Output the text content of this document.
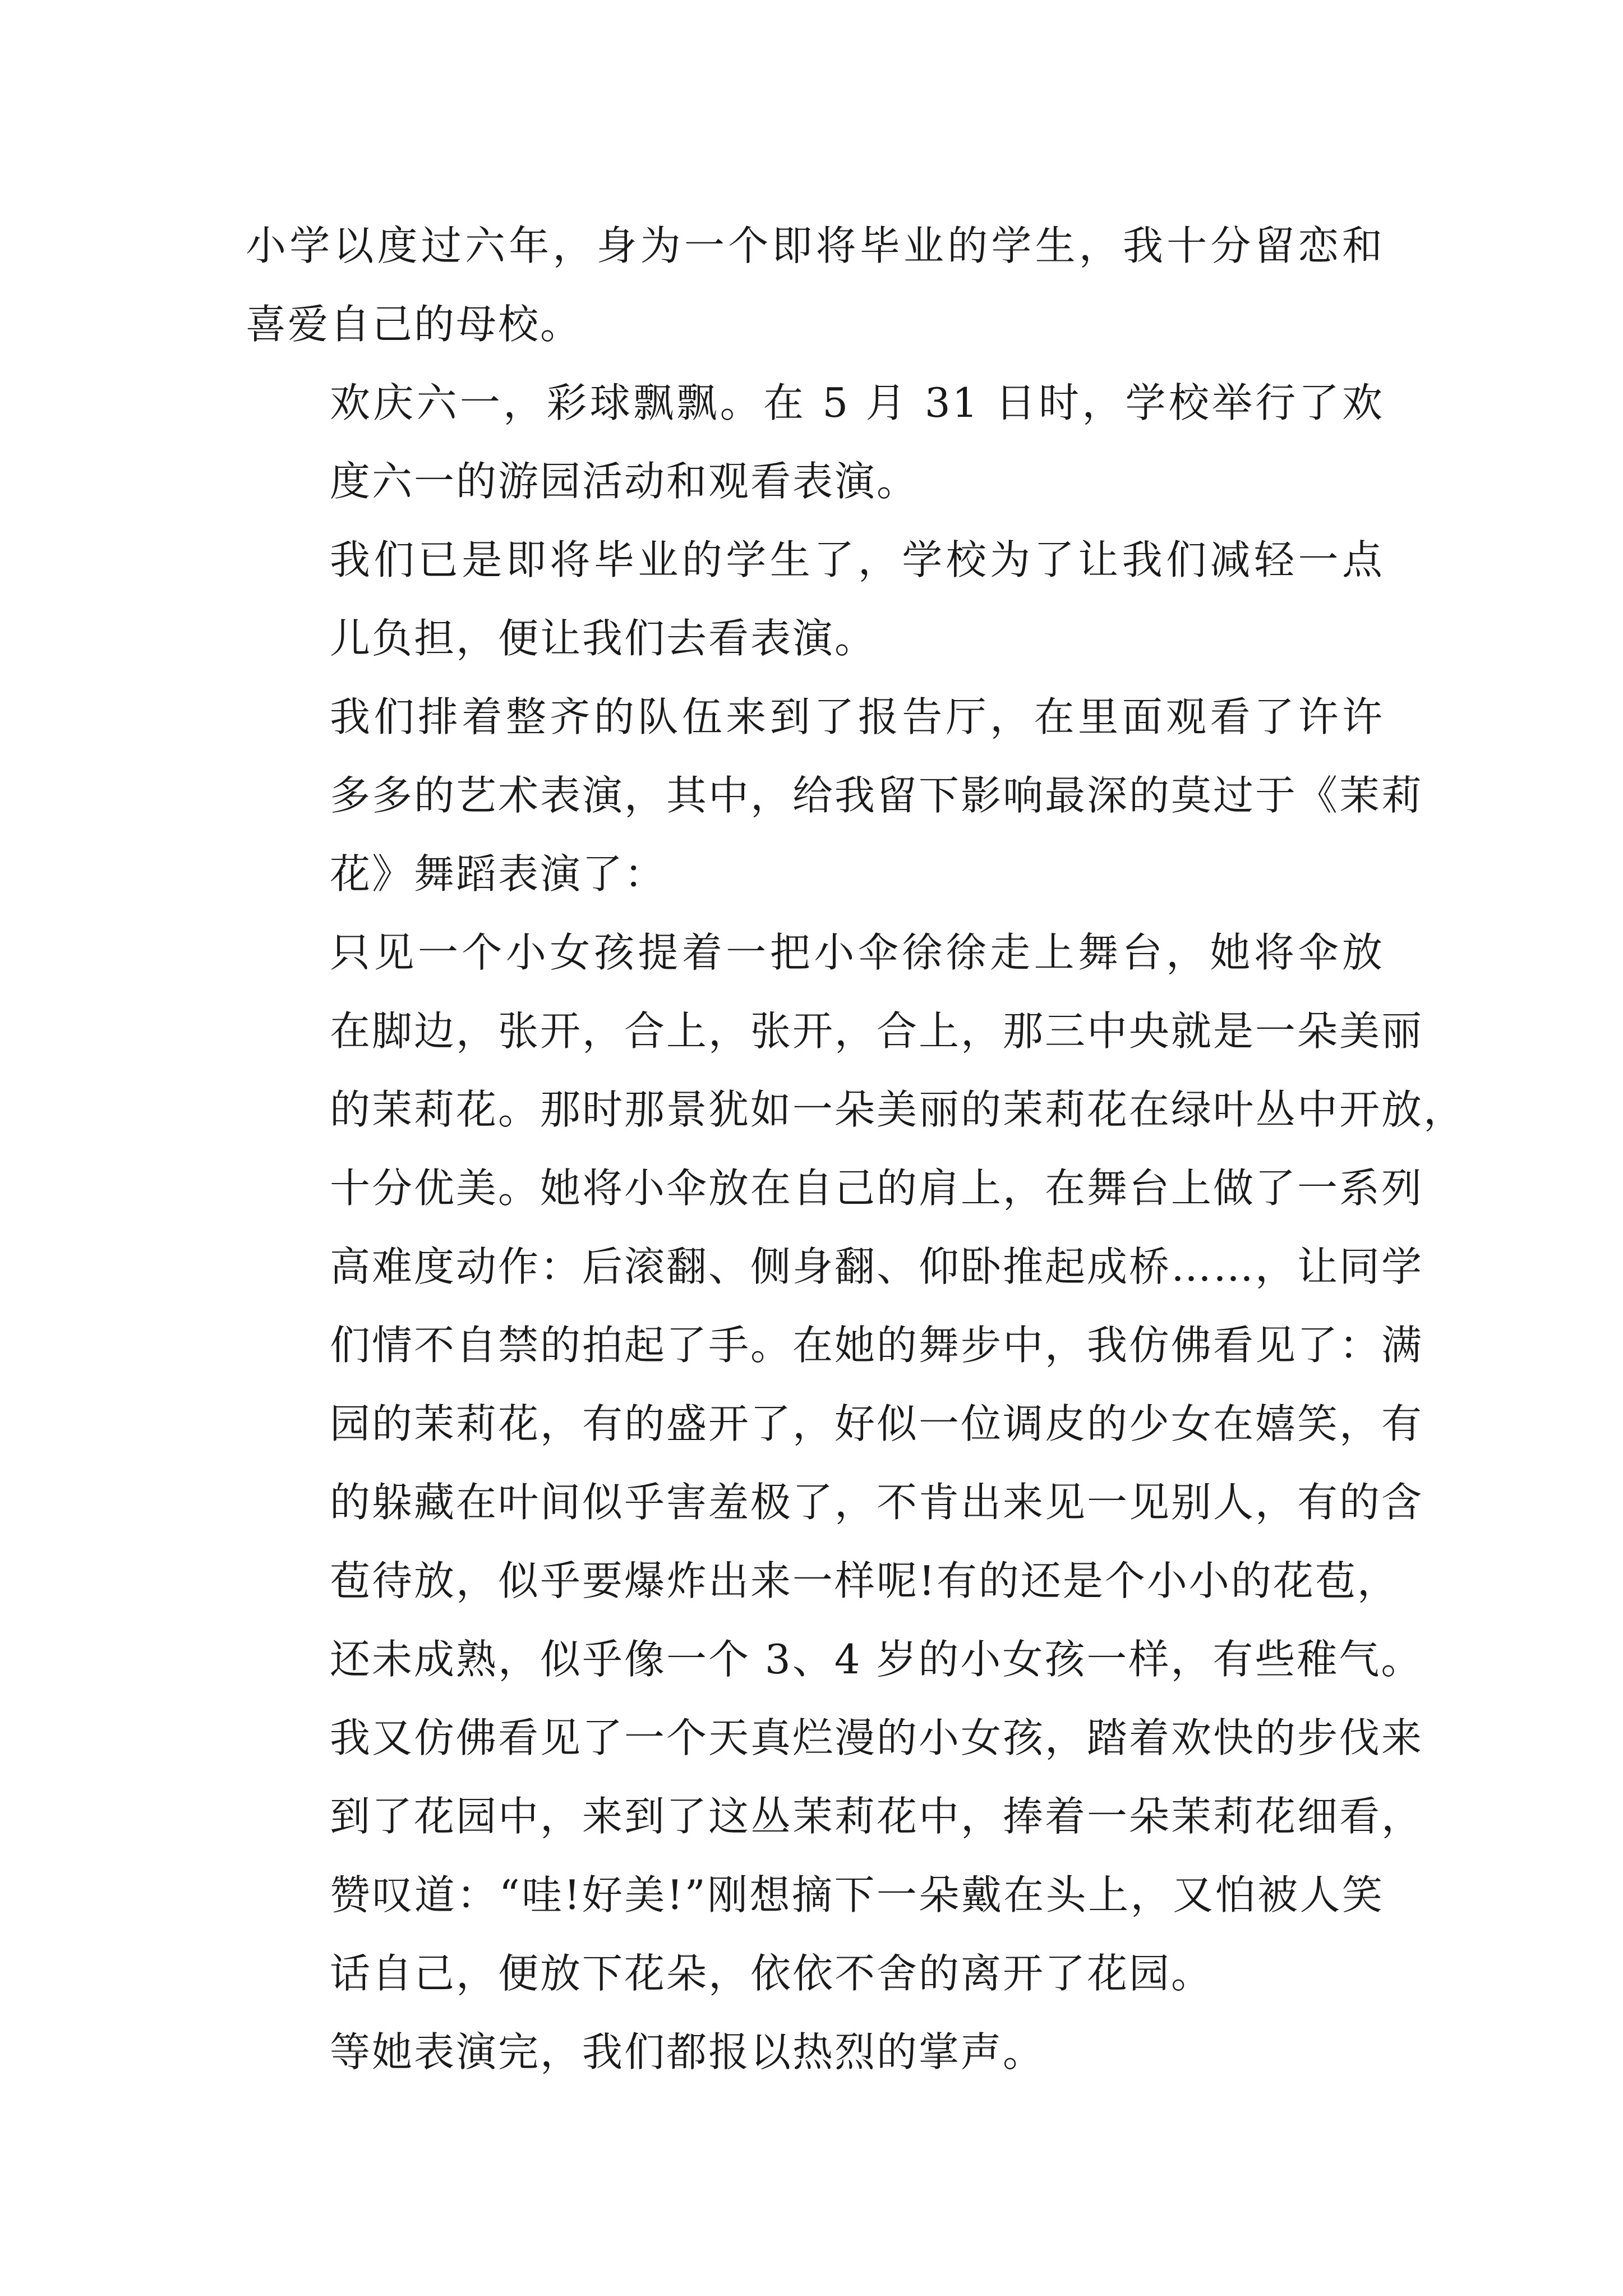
小学以度过六年，身为一个即将毕业的学生，我十分留恋和
喜爱自己的母校。

欢庆六一，彩球飘飘。在 5 月 31 日时，学校举行了欢
度六一的游园活动和观看表演。

我们已是即将毕业的学生了，学校为了让我们减轻一点
儿负担，便让我们去看表演。

我们排着整齐的队伍来到了报告厅，在里面观看了许许
多多的艺术表演，其中，给我留下影响最深的莫过于《茉莉
花》舞蹈表演了：

只见一个小女孩提着一把小伞徐徐走上舞台，她将伞放
在脚边，张开，合上，张开，合上，那三中央就是一朵美丽
的茉莉花。那时那景犹如一朵美丽的茉莉花在绿叶丛中开放，
十分优美。她将小伞放在自己的肩上，在舞台上做了一系列
高难度动作：后滚翻、侧身翻、仰卧推起成桥……，让同学
们情不自禁的拍起了手。在她的舞步中，我仿佛看见了：满
园的茉莉花，有的盛开了，好似一位调皮的少女在嬉笑，有
的躲藏在叶间似乎害羞极了，不肯出来见一见别人，有的含
苞待放，似乎要爆炸出来一样呢!有的还是个小小的花苞，
还未成熟，似乎像一个 3、4 岁的小女孩一样，有些稚气。
我又仿佛看见了一个天真烂漫的小女孩，踏着欢快的步伐来
到了花园中，来到了这丛茉莉花中，捧着一朵茉莉花细看，
赞叹道：“哇!好美!”刚想摘下一朵戴在头上，又怕被人笑
话自己，便放下花朵，依依不舍的离开了花园。

等她表演完，我们都报以热烈的掌声。
